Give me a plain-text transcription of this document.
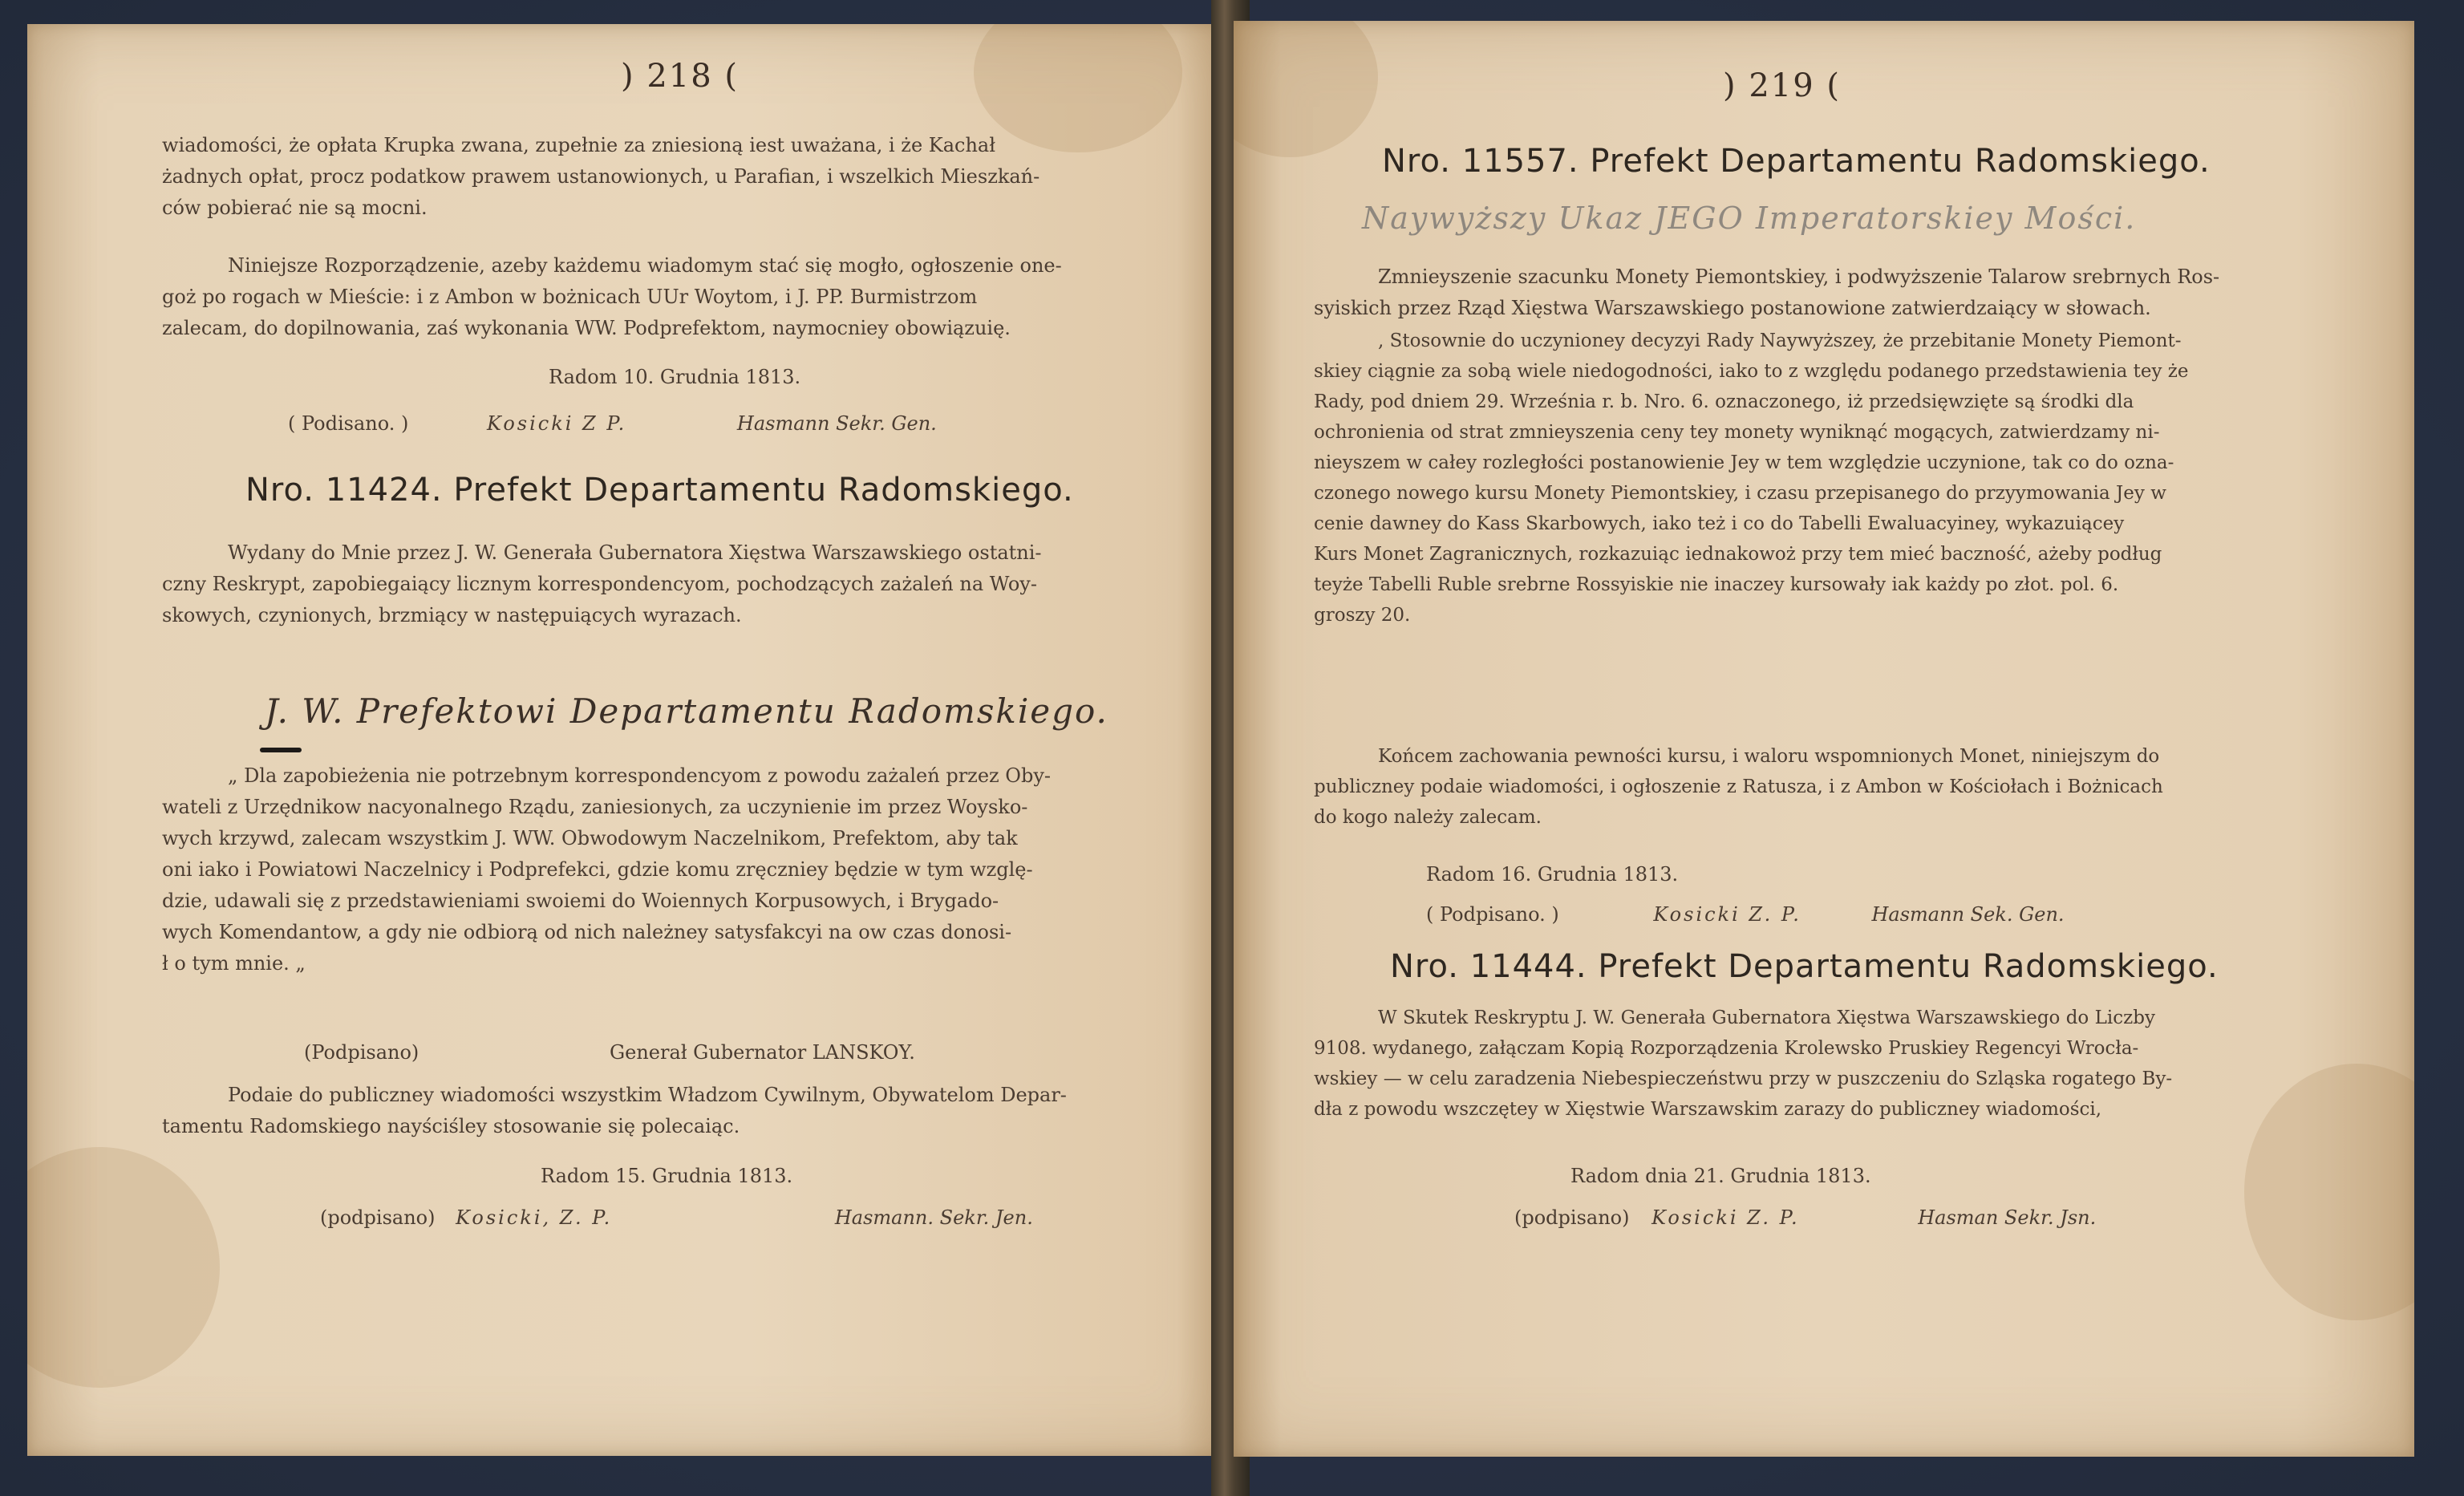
) 218 (

wiadomości, że opłata Krupka zwana, zupełnie za zniesioną iest uważana, i że Kachał

żadnych opłat, procz podatkow prawem ustanowionych, u Parafian, i wszelkich Mieszkań-

ców pobierać nie są mocni.

Niniejsze Rozporządzenie, azeby każdemu wiadomym stać się mogło, ogłoszenie one-

goż po rogach w Mieście: i z Ambon w bożnicach UUr Woytom, i J. PP. Burmistrzom

zalecam, do dopilnowania, zaś wykonania WW. Podprefektom, naymocniey obowiązuię.

Radom 10. Grudnia 1813.
( Podisano. )	Kosicki Z P.	Hasmann Sekr. Gen.
Nro. 11424. Prefekt Departamentu Radomskiego.

Wydany do Mnie przez J. W. Generała Gubernatora Xięstwa Warszawskiego ostatni-

czny Reskrypt, zapobiegaiący licznym korrespondencyom, pochodzących zażaleń na Woy-

skowych, czynionych, brzmiący w następuiących wyrazach.

J. W. Prefektowi Departamentu Radomskiego.

„ Dla zapobieżenia nie potrzebnym korrespondencyom z powodu zażaleń przez Oby-

wateli z Urzędnikow nacyonalnego Rządu, zaniesionych, za uczynienie im przez Woysko-

wych krzywd, zalecam wszystkim J. WW. Obwodowym Naczelnikom, Prefektom, aby tak

oni iako i Powiatowi Naczelnicy i Podprefekci, gdzie komu zręczniey będzie w tym wzglę-

dzie, udawali się z przedstawieniami swoiemi do Woiennych Korpusowych, i Brygado-

wych Komendantow, a gdy nie odbiorą od nich należney satysfakcyi na ow czas donosi-

ł o tym mnie. „

(Podpisano)	Generał Gubernator LANSKOY.

Podaie do publiczney wiadomości wszystkim Władzom Cywilnym, Obywatelom Depar-

tamentu Radomskiego nayściśley stosowanie się polecaiąc.

Radom 15. Grudnia 1813.
(podpisano) Kosicki, Z. P.	Hasmann. Sekr. Jen.
) 219 (
Nro. 11557. Prefekt Departamentu Radomskiego.
Naywyższy Ukaz JEGO Imperatorskiey Mości.

Zmnieyszenie szacunku Monety Piemontskiey, i podwyższenie Talarow srebrnych Ros-

syiskich przez Rząd Xięstwa Warszawskiego postanowione zatwierdzaiący w słowach.

, Stosownie do uczynioney decyzyi Rady Naywyższey, że przebitanie Monety Piemont-

skiey ciągnie za sobą wiele niedogodności, iako to z względu podanego przedstawienia tey że

Rady, pod dniem 29. Września r. b. Nro. 6. oznaczonego, iż przedsięwzięte są środki dla

ochronienia od strat zmnieyszenia ceny tey monety wyniknąć mogących, zatwierdzamy ni-

nieyszem w całey rozległości postanowienie Jey w tem względzie uczynione, tak co do ozna-

czonego nowego kursu Monety Piemontskiey, i czasu przepisanego do przyymowania Jey w

cenie dawney do Kass Skarbowych, iako też i co do Tabelli Ewaluacyiney, wykazuiącey

Kurs Monet Zagranicznych, rozkazuiąc iednakowoż przy tem mieć baczność, ażeby podług

teyże Tabelli Ruble srebrne Rossyiskie nie inaczey kursowały iak każdy po złot. pol. 6.

groszy 20.

Końcem zachowania pewności kursu, i waloru wspomnionych Monet, niniejszym do

publiczney podaie wiadomości, i ogłoszenie z Ratusza, i z Ambon w Kościołach i Bożnicach

do kogo należy zalecam.

Radom 16. Grudnia 1813.
( Podpisano. )	Kosicki Z. P.	Hasmann Sek. Gen.
Nro. 11444. Prefekt Departamentu Radomskiego.

W Skutek Reskryptu J. W. Generała Gubernatora Xięstwa Warszawskiego do Liczby

9108. wydanego, załączam Kopią Rozporządzenia Krolewsko Pruskiey Regencyi Wrocła-

wskiey — w celu zaradzenia Niebespieczeństwu przy w puszczeniu do Szląska rogatego By-

dła z powodu wszczętey w Xięstwie Warszawskim zarazy do publiczney wiadomości,

Radom dnia 21. Grudnia 1813.
(podpisano) Kosicki Z. P.	Hasman Sekr. Jsn.
